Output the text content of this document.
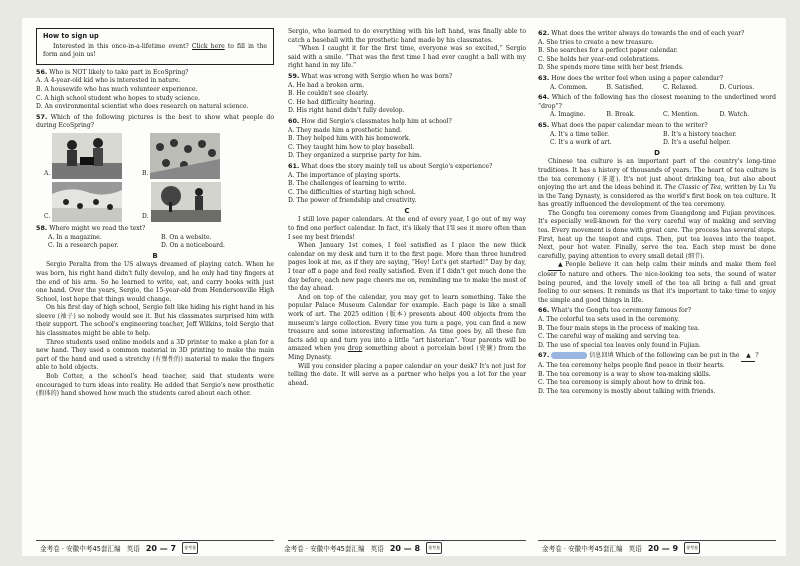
How to sign up

Interested in this once-in-a-lifetime event? Click here to fill in the form and join us!

56. Who is NOT likely to take part in EcoSpring?

A. A 4-year-old kid who is interested in nature.

B. A housewife who has much volunteer experience.

C. A high school student who hopes to study science.

D. An environmental scientist who does research on natural science.

57. Which of the following pictures is the best to show what people do during EcoSpring?

A.	B.
C.	D.

58. Where might we read the text?

A. In a magazine.	B. On a website.
C. In a research paper.	D. On a noticeboard.
B

Sergio Peralta from the US always dreamed of playing catch. When he was born, his right hand didn't fully develop, and he only had tiny fingers at the end of his arm. So he learned to write, eat, and carry books with just one hand. Over the years, Sergio, the 15-year-old from Hendersonville High School, lost hope that things would change.

On his first day of high school, Sergio felt like hiding his right hand in his sleeve (袖子) so nobody would see it. But his classmates surprised him with their support. The school's engineering teacher, Jeff Wilkins, told Sergio that his classmates might be able to help.

Three students used online models and a 3D printer to make a plan for a new hand. They used a common material in 3D printing to make the main part of the hand and used a stretchy (有弹性的) material to make the fingers able to hold objects.

Bob Cotter, a the school's head teacher, said that students were encouraged to turn ideas into reality. He added that Sergio's new prosthetic (假体的) hand showed how much the students cared about each other.

Sergio, who learned to do everything with his left hand, was finally able to catch a baseball with the prosthetic hand made by his classmates.

“When I caught it for the first time, everyone was so excited,” Sergio said with a smile. “That was the first time I had ever caught a ball with my right hand in my life.”

59. What was wrong with Sergio when he was born?

A. He had a broken arm.

B. He couldn't see clearly.

C. He had difficulty hearing.

D. His right hand didn't fully develop.

60. How did Sergio's classmates help him at school?

A. They made him a prosthetic hand.

B. They helped him with his homework.

C. They taught him how to play baseball.

D. They organized a surprise party for him.

61. What does the story mainly tell us about Sergio's experience?

A. The importance of playing sports.

B. The challenges of learning to write.

C. The difficulties of starting high school.

D. The power of friendship and creativity.

C

I still love paper calendars. At the end of every year, I go out of my way to find one perfect calendar. In fact, it's likely that I'll see it more often than I see my best friends!

When January 1st comes, I feel satisfied as I place the new thick calendar on my desk and turn it to the first page. More than three hundred pages look at me, as if they are saying, “Hey! Let's get started!” Day by day, I tear off a page and feel really satisfied. Even if I didn't get much done the day before, each new page cheers me on, reminding me to make the most of the day ahead.

And on top of the calendar, you may get to learn something. Take the popular Palace Museum Calendar for example. Each page is like a small work of art. The 2025 edition (版本) presents about 400 objects from the museum's large collection. Every time you turn a page, you can find a new treasure and some interesting information. As time goes by, all these fun facts add up and turn you into a little “art historian”. Your parents will be amazed when you drop something about a porcelain bowl (瓷碗) from the Ming Dynasty.

Will you consider placing a paper calendar on your desk? It's not just for telling the date. It will serve as a partner who helps you a lot for the year ahead.

62. What does the writer always do towards the end of each year?

A. She tries to create a new treasure.

B. She searches for a perfect paper calendar.

C. She holds her year-end celebrations.

D. She spends more time with her best friends.

63. How does the writer feel when using a paper calendar?

A. Common.	B. Satisfied.	C. Relaxed.	D. Curious.

64. Which of the following has the closest meaning to the underlined word “drop”?

A. Imagine.	B. Break.	C. Mention.	D. Watch.

65. What does the paper calendar mean to the writer?

A. It's a time teller.	B. It's a history teacher.
C. It's a work of art.	D. It's a useful helper.
D

Chinese tea culture is an important part of the country's long-time traditions. It has a history of thousands of years. The heart of tea culture is the tea ceremony (茶道). It's not just about drinking tea, but also about enjoying the art and the ideas behind it. The Classic of Tea, written by Lu Yu in the Tang Dynasty, is considered as the world's first book on tea culture. It has greatly influenced the development of the tea ceremony.

The Gongfu tea ceremony comes from Guangdong and Fujian provinces. It's especially well-known for the very careful way of making and serving tea. Every movement is done with great care. The process has several steps. First, heat up the teapot and cups. Then, put tea leaves into the teapot. Next, pour hot water. Finally, serve the tea. Each step must be done carefully, paying attention to every small detail (细节).

▲ People believe it can help calm their minds and make them feel closer to nature and others. The nice-looking tea sets, the sound of water being poured, and the lovely smell of the tea all bring a full and great feeling to our senses. It reminds us that it's important to take time to enjoy the simple and good things in life.

66. What's the Gongfu tea ceremony famous for?

A. The colorful tea sets used in the ceremony.

B. The four main steps in the process of making tea.

C. The careful way of making and serving tea.

D. The use of special tea leaves only found in Fujian.

67.	信息回填 Which of the following can be put in the ▲ ?

A. The tea ceremony helps people find peace in their hearts.

B. The tea ceremony is a way to show tea-making skills.

C. The tea ceremony is simply about how to drink tea.

D. The tea ceremony is mostly about talking with friends.

金考卷 · 安徽中考45套汇编 英语 20 — 7	金考卷	金考卷 · 安徽中考45套汇编 英语 20 — 8	金考卷	金考卷 · 安徽中考45套汇编 英语 20 — 9	金考卷
